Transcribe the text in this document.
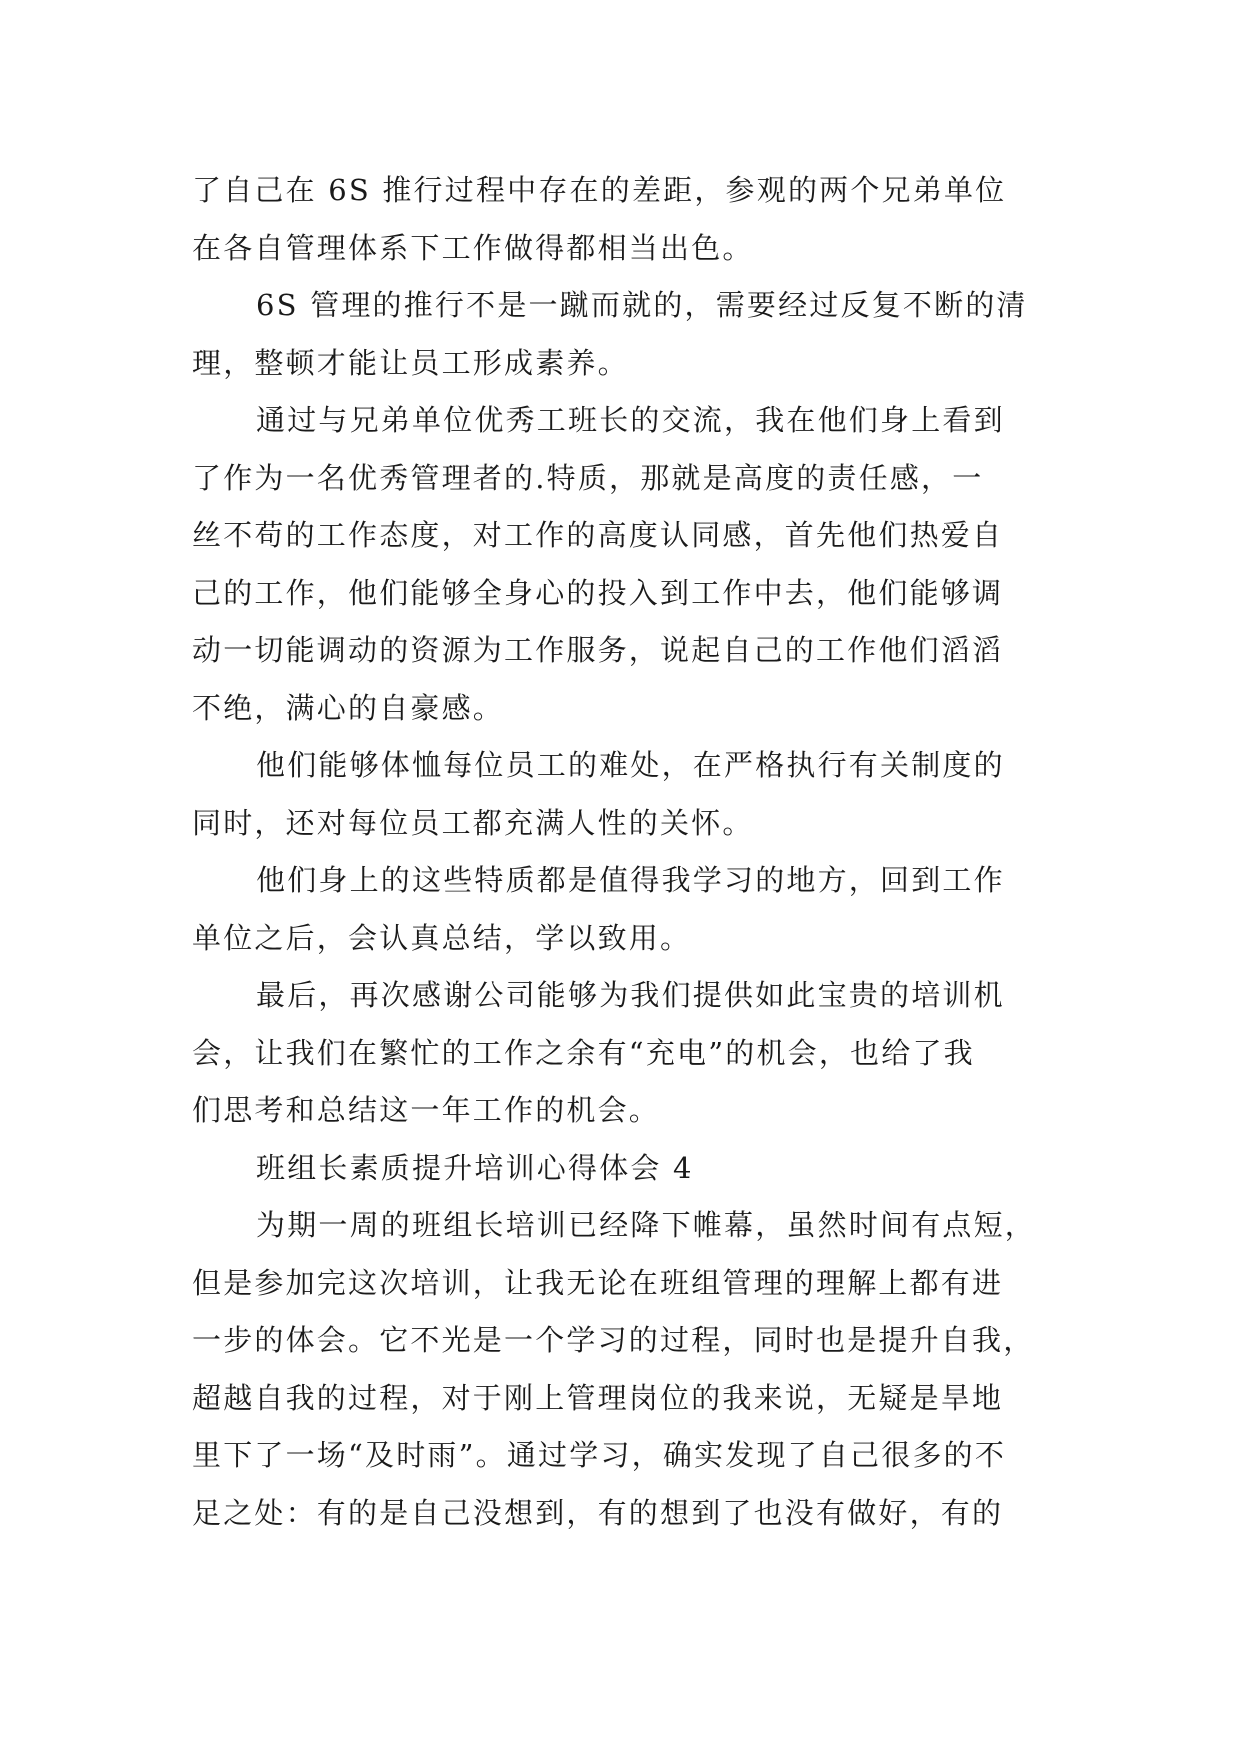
了自己在 6S 推行过程中存在的差距，参观的两个兄弟单位
在各自管理体系下工作做得都相当出色。
6S 管理的推行不是一蹴而就的，需要经过反复不断的清
理，整顿才能让员工形成素养。
通过与兄弟单位优秀工班长的交流，我在他们身上看到
了作为一名优秀管理者的.特质，那就是高度的责任感，一
丝不苟的工作态度，对工作的高度认同感，首先他们热爱自
己的工作，他们能够全身心的投入到工作中去，他们能够调
动一切能调动的资源为工作服务，说起自己的工作他们滔滔
不绝，满心的自豪感。
他们能够体恤每位员工的难处，在严格执行有关制度的
同时，还对每位员工都充满人性的关怀。
他们身上的这些特质都是值得我学习的地方，回到工作
单位之后，会认真总结，学以致用。
最后，再次感谢公司能够为我们提供如此宝贵的培训机
会，让我们在繁忙的工作之余有“充电”的机会，也给了我
们思考和总结这一年工作的机会。
班组长素质提升培训心得体会 4
为期一周的班组长培训已经降下帷幕，虽然时间有点短，
但是参加完这次培训，让我无论在班组管理的理解上都有进
一步的体会。它不光是一个学习的过程，同时也是提升自我，
超越自我的过程，对于刚上管理岗位的我来说，无疑是旱地
里下了一场“及时雨”。通过学习，确实发现了自己很多的不
足之处：有的是自己没想到，有的想到了也没有做好，有的
